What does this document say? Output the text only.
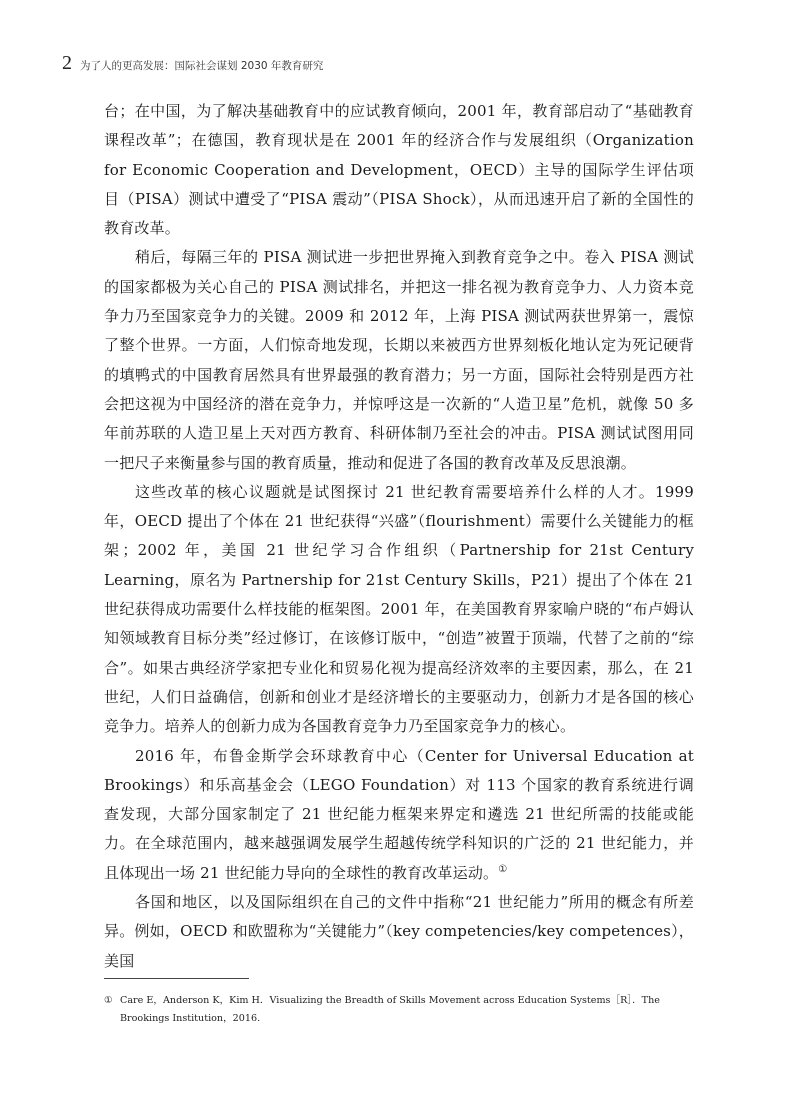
2 为了人的更高发展：国际社会谋划 2030 年教育研究

台；在中国，为了解决基础教育中的应试教育倾向，2001 年，教育部启动了“基础教育课程改革”；在德国，教育现状是在 2001 年的经济合作与发展组织（Organization for Economic Cooperation and Development，OECD）主导的国际学生评估项目（PISA）测试中遭受了“PISA 震动”（PISA Shock），从而迅速开启了新的全国性的教育改革。

稍后，每隔三年的 PISA 测试进一步把世界掩入到教育竞争之中。卷入 PISA 测试的国家都极为关心自己的 PISA 测试排名，并把这一排名视为教育竞争力、人力资本竞争力乃至国家竞争力的关键。2009 和 2012 年，上海 PISA 测试两获世界第一，震惊了整个世界。一方面，人们惊奇地发现，长期以来被西方世界刻板化地认定为死记硬背的填鸭式的中国教育居然具有世界最强的教育潜力；另一方面，国际社会特别是西方社会把这视为中国经济的潜在竞争力，并惊呼这是一次新的“人造卫星”危机，就像 50 多年前苏联的人造卫星上天对西方教育、科研体制乃至社会的冲击。PISA 测试试图用同一把尺子来衡量参与国的教育质量，推动和促进了各国的教育改革及反思浪潮。

这些改革的核心议题就是试图探讨 21 世纪教育需要培养什么样的人才。1999 年，OECD 提出了个体在 21 世纪获得“兴盛”（flourishment）需要什么关键能力的框架；2002 年，美国 21 世纪学习合作组织（Partnership for 21st Century Learning，原名为 Partnership for 21st Century Skills，P21）提出了个体在 21 世纪获得成功需要什么样技能的框架图。2001 年，在美国教育界家喻户晓的“布卢姆认知领域教育目标分类”经过修订，在该修订版中，“创造”被置于顶端，代替了之前的“综合”。如果古典经济学家把专业化和贸易化视为提高经济效率的主要因素，那么，在 21 世纪，人们日益确信，创新和创业才是经济增长的主要驱动力，创新力才是各国的核心竞争力。培养人的创新力成为各国教育竞争力乃至国家竞争力的核心。

2016 年，布鲁金斯学会环球教育中心（Center for Universal Education at Brookings）和乐高基金会（LEGO Foundation）对 113 个国家的教育系统进行调查发现，大部分国家制定了 21 世纪能力框架来界定和遴选 21 世纪所需的技能或能力。在全球范围内，越来越强调发展学生超越传统学科知识的广泛的 21 世纪能力，并且体现出一场 21 世纪能力导向的全球性的教育改革运动。①

各国和地区，以及国际组织在自己的文件中指称“21 世纪能力”所用的概念有所差异。例如，OECD 和欧盟称为“关键能力”（key competencies/key competences），美国

① Care E，Anderson K，Kim H．Visualizing the Breadth of Skills Movement across Education Systems［R］．The Brookings Institution，2016.
